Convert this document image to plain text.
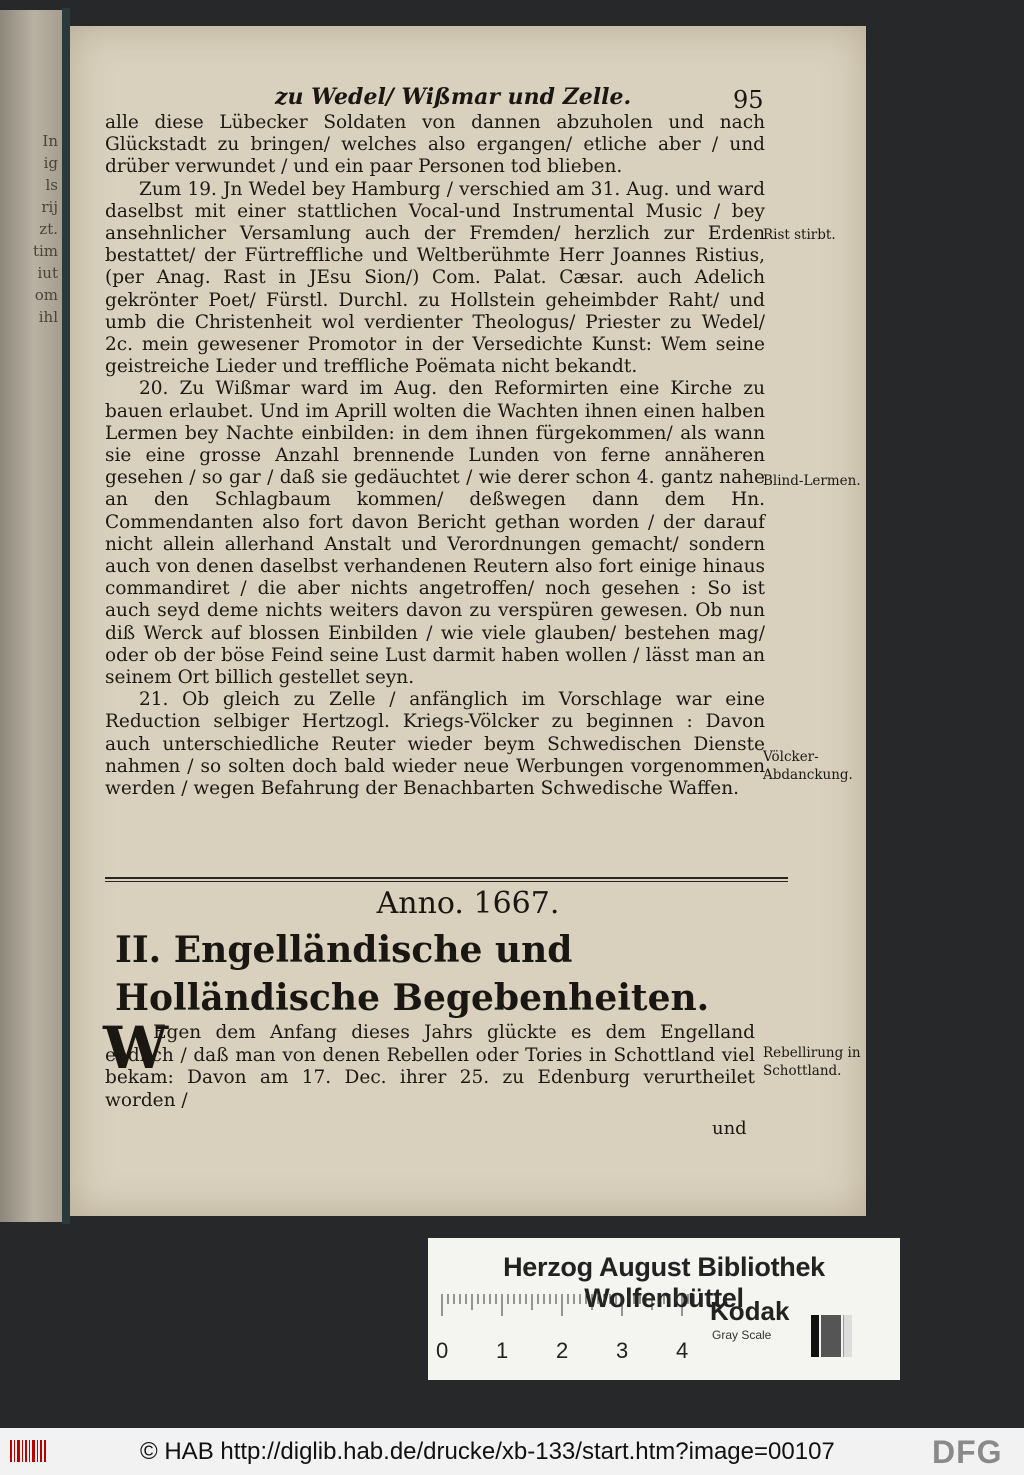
In
ig
ls
rij
zt.
tim
iut
om
ihl
zu Wedel/ Wißmar und Zelle.	95

alle diese Lübecker Soldaten von dannen abzuholen und nach Glückstadt zu bringen/ welches also ergangen/ etliche aber / und drüber verwundet / und ein paar Personen tod blieben.

Zum 19. Jn Wedel bey Hamburg / verschied am 31. Aug. und ward daselbst mit einer stattlichen Vocal-und Instrumental Music / bey ansehnlicher Versamlung auch der Fremden/ herzlich zur Erden bestattet/ der Fürtreffliche und Weltberühmte Herr Joannes Ristius, (per Anag. Rast in JEsu Sion/) Com. Palat. Cæsar. auch Adelich gekrönter Poet/ Fürstl. Durchl. zu Hollstein geheimbder Raht/ und umb die Christenheit wol verdienter Theologus/ Priester zu Wedel/ 2c. mein gewesener Promotor in der Versedichte Kunst: Wem seine geistreiche Lieder und treffliche Poëmata nicht bekandt.

20. Zu Wißmar ward im Aug. den Reformirten eine Kirche zu bauen erlaubet. Und im Aprill wolten die Wachten ihnen einen halben Lermen bey Nachte einbilden: in dem ihnen fürgekommen/ als wann sie eine grosse Anzahl brennende Lunden von ferne annäheren gesehen / so gar / daß sie gedäuchtet / wie derer schon 4. gantz nahe an den Schlagbaum kommen/ deßwegen dann dem Hn. Commendanten also fort davon Bericht gethan worden / der darauf nicht allein allerhand Anstalt und Verordnungen gemacht/ sondern auch von denen daselbst verhandenen Reutern also fort einige hinaus commandiret / die aber nichts angetroffen/ noch gesehen : So ist auch seyd deme nichts weiters davon zu verspüren gewesen. Ob nun diß Werck auf blossen Einbilden / wie viele glauben/ bestehen mag/ oder ob der böse Feind seine Lust darmit haben wollen / lässt man an seinem Ort billich gestellet seyn.

21. Ob gleich zu Zelle / anfänglich im Vorschlage war eine Reduction selbiger Hertzogl. Kriegs-Völcker zu beginnen : Davon auch unterschiedliche Reuter wieder beym Schwedischen Dienste nahmen / so solten doch bald wieder neue Werbungen vorgenommen werden / wegen Befahrung der Benachbarten Schwedische Waffen.

Rist stirbt.
Blind-Lermen.
Völcker-Abdanckung.
Rebellirung in Schottland.
Anno. 1667.
II. Engelländische und Holländische Begebenheiten.
W

Egen dem Anfang dieses Jahrs glückte es dem Engelland endlich / daß man von denen Rebellen oder Tories in Schottland viel bekam: Davon am 17. Dec. ihrer 25. zu Edenburg verurtheilet worden /

und
Herzog August Bibliothek Wolfenbüttel
0 1 2 3 4
Kodak
Gray Scale
© HAB http://diglib.hab.de/drucke/xb-133/start.htm?image=00107	DFG
